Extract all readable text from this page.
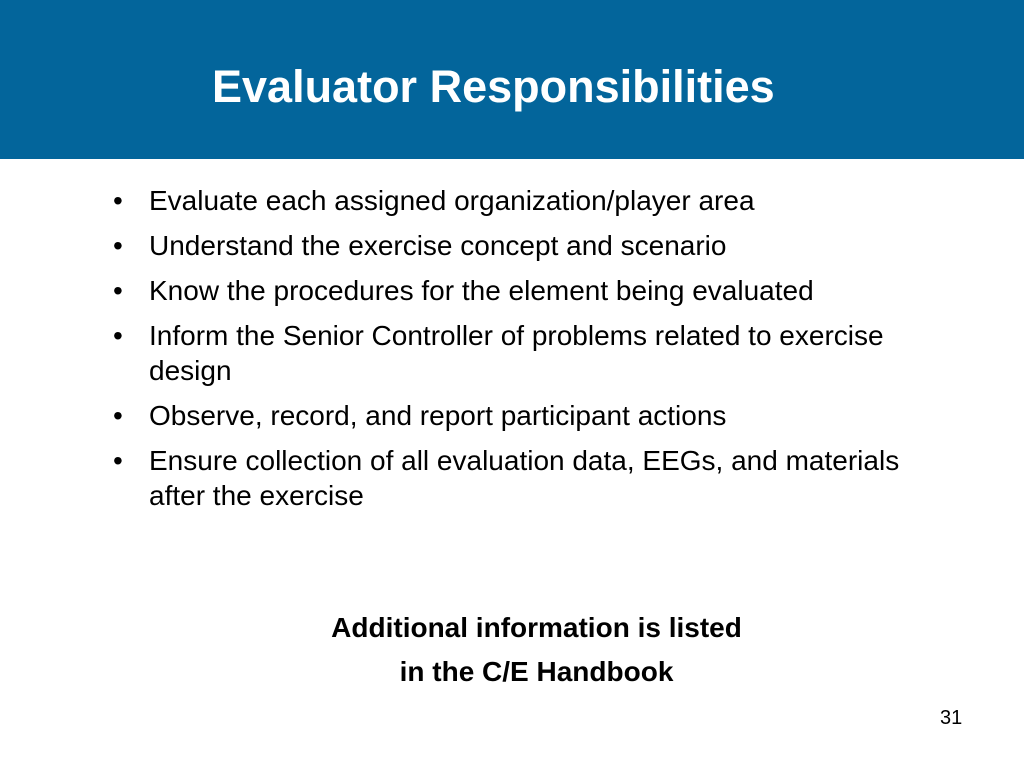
Evaluator Responsibilities
• Evaluate each assigned organization/player area
• Understand the exercise concept and scenario
• Know the procedures for the element being evaluated
• Inform the Senior Controller of problems related to exercise design
• Observe, record, and report participant actions
• Ensure collection of all evaluation data, EEGs, and materials after the exercise
Additional information is listed
in the C/E Handbook
31
